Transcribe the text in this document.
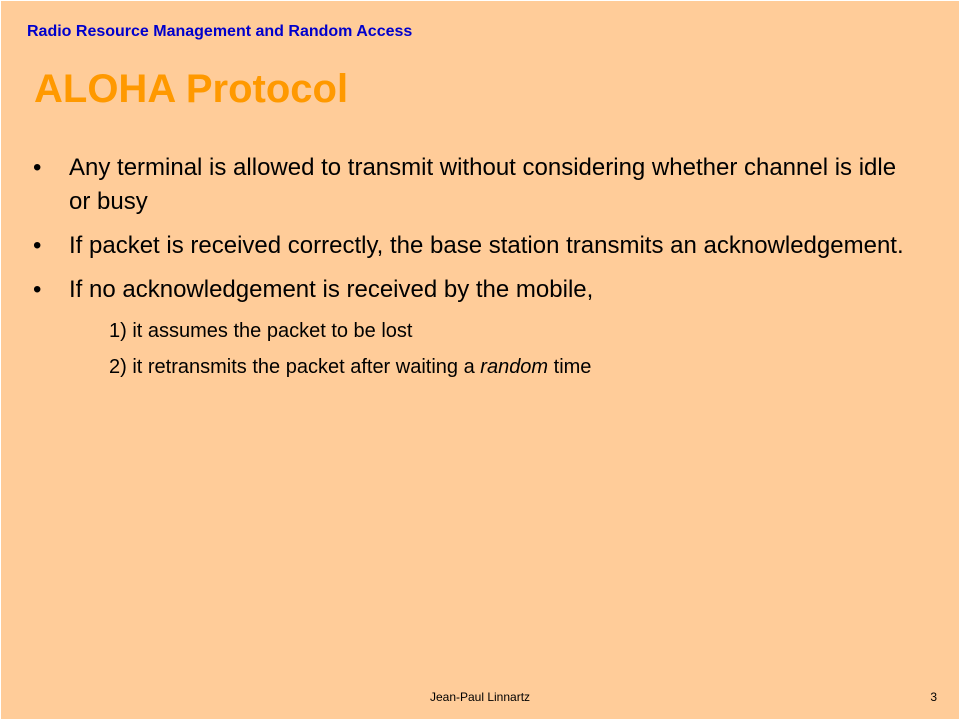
Radio Resource Management and Random Access
ALOHA Protocol
• Any terminal is allowed to transmit without considering whether channel is idle or busy
• If packet is received correctly, the base station transmits an acknowledgement.
• If no acknowledgement is received by the mobile,
1) it assumes the packet to be lost
2) it retransmits the packet after waiting a random time
Jean-Paul Linnartz	3
